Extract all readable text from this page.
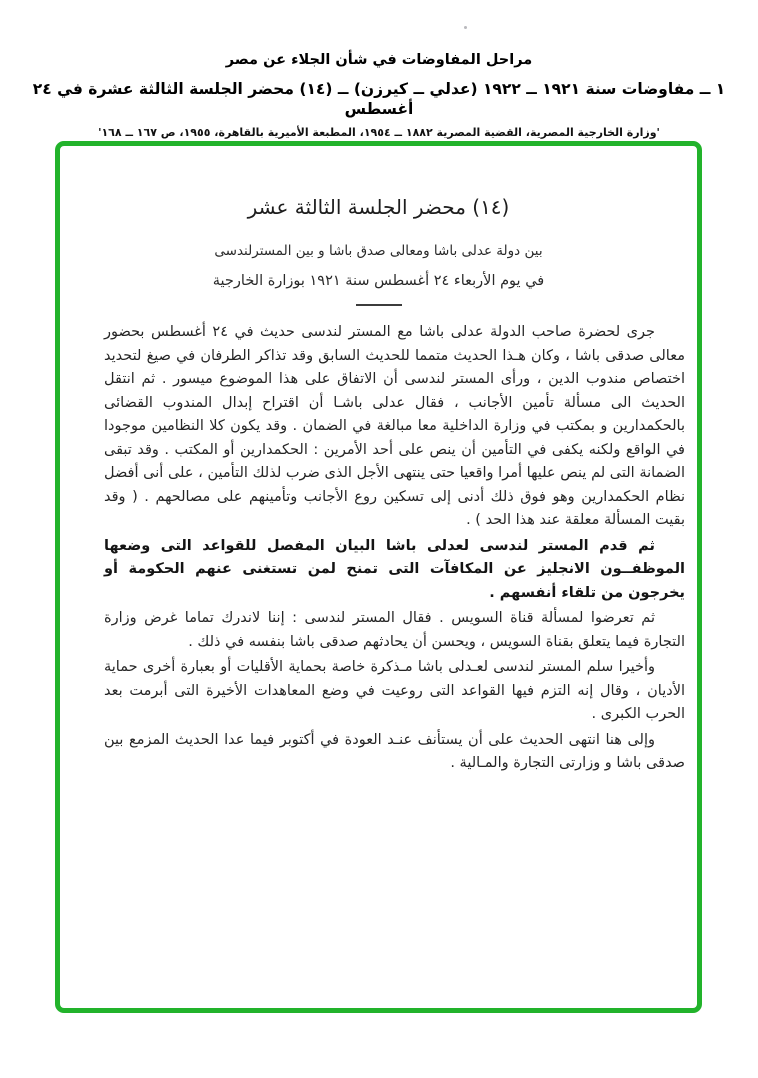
مراحل المفاوضات في شأن الجلاء عن مصر
١ ــ مفاوضات سنة ١٩٢١ ــ ١٩٢٢ (عدلي ــ كيرزن) ــ (١٤) محضر الجلسة الثالثة عشرة في ٢٤ أغسطس
'وزارة الخارجية المصرية، القضية المصرية ١٨٨٢ ــ ١٩٥٤، المطبعة الأميرية بالقاهرة، ١٩٥٥، ص ١٦٧ ــ ١٦٨'
(١٤) محضر الجلسة الثالثة عشر
بين دولة عدلى باشا ومعالى صدق باشا و بين المسترلندسى
في يوم الأربعاء ٢٤ أغسطس سنة ١٩٢١ بوزارة الخارجية

جرى لحضرة صاحب الدولة عدلى باشا مع المستر لندسى حديث في ٢٤ أغسطس بحضور معالى صدقى باشا ، وكان هـذا الحديث متمما للحديث السابق وقد تذاكر الطرفان في صيغ لتحديد اختصاص مندوب الدين ، ورأى المستر لندسى أن الاتفاق على هذا الموضوع ميسور . ثم انتقل الحديث الى مسألة تأمين الأجانب ، فقال عدلى باشـا أن اقتراح إبدال المندوب القضائى بالحكمدارين و بمكتب في وزارة الداخلية معا مبالغة في الضمان . وقد يكون كلا النظامين موجودا في الواقع ولكنه يكفى في التأمين أن ينص على أحد الأمرين : الحكمدارين أو المكتب . وقد تبقى الضمانة التى لم ينص عليها أمرا واقعيا حتى ينتهى الأجل الذى ضرب لذلك التأمين ، على أنى أفضل نظام الحكمدارين وهو فوق ذلك أدنى إلى تسكين روع الأجانب وتأمينهم على مصالحهم . ( وقد بقيت المسألة معلقة عند هذا الحد ) .

ثم قدم المستر لندسى لعدلى باشا البيان المفصل للقواعد التى وضعها الموظفــون الانجليز عن المكافآت التى تمنح لمن تستغنى عنهم الحكومة أو يخرجون من تلقاء أنفسهم .

ثم تعرضوا لمسألة قناة السويس . فقال المستر لندسى : إننا لاندرك تماما غرض وزارة التجارة فيما يتعلق بقناة السويس ، ويحسن أن يحادثهم صدقى باشا بنفسه في ذلك .

وأخيرا سلم المستر لندسى لعـدلى باشا مـذكرة خاصة بحماية الأقليات أو بعبارة أخرى حماية الأديان ، وقال إنه التزم فيها القواعد التى روعيت في وضع المعاهدات الأخيرة التى أبرمت بعد الحرب الكبرى .

وإلى هنا انتهى الحديث على أن يستأنف عنـد العودة في أكتوبر فيما عدا الحديث المزمع بين صدقى باشا و وزارتى التجارة والمـالية .
